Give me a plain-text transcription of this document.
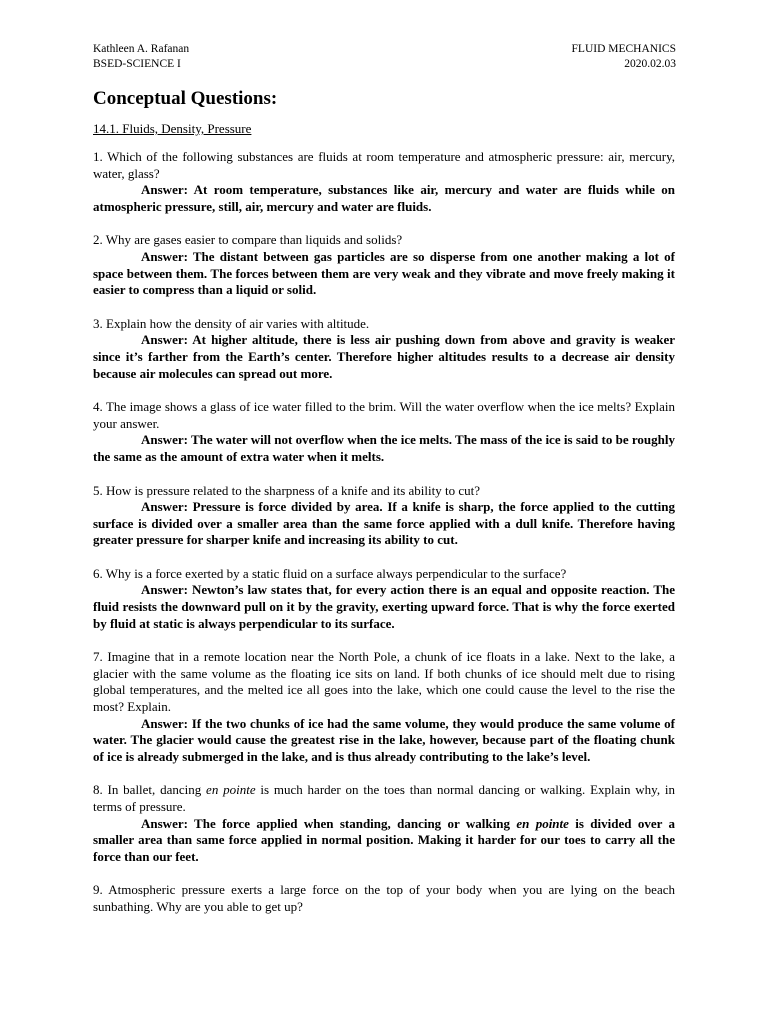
Kathleen A. Rafanan
BSED-SCIENCE I
FLUID MECHANICS
2020.02.03
Conceptual Questions:

14.1. Fluids, Density, Pressure

1. Which of the following substances are fluids at room temperature and atmospheric pressure: air, mercury, water, glass?

Answer: At room temperature, substances like air, mercury and water are fluids while on atmospheric pressure, still, air, mercury and water are fluids.

2. Why are gases easier to compare than liquids and solids?

Answer: The distant between gas particles are so disperse from one another making a lot of space between them. The forces between them are very weak and they vibrate and move freely making it easier to compress than a liquid or solid.

3. Explain how the density of air varies with altitude.

Answer: At higher altitude, there is less air pushing down from above and gravity is weaker since it’s farther from the Earth’s center. Therefore higher altitudes results to a decrease air density because air molecules can spread out more.

4. The image shows a glass of ice water filled to the brim. Will the water overflow when the ice melts? Explain your answer.

Answer: The water will not overflow when the ice melts. The mass of the ice is said to be roughly the same as the amount of extra water when it melts.

5. How is pressure related to the sharpness of a knife and its ability to cut?

Answer: Pressure is force divided by area. If a knife is sharp, the force applied to the cutting surface is divided over a smaller area than the same force applied with a dull knife. Therefore having greater pressure for sharper knife and increasing its ability to cut.

6. Why is a force exerted by a static fluid on a surface always perpendicular to the surface?

Answer: Newton’s law states that, for every action there is an equal and opposite reaction. The fluid resists the downward pull on it by the gravity, exerting upward force. That is why the force exerted by fluid at static is always perpendicular to its surface.

7. Imagine that in a remote location near the North Pole, a chunk of ice floats in a lake. Next to the lake, a glacier with the same volume as the floating ice sits on land. If both chunks of ice should melt due to rising global temperatures, and the melted ice all goes into the lake, which one could cause the level to the rise the most? Explain.

Answer: If the two chunks of ice had the same volume, they would produce the same volume of water. The glacier would cause the greatest rise in the lake, however, because part of the floating chunk of ice is already submerged in the lake, and is thus already contributing to the lake’s level.

8. In ballet, dancing en pointe is much harder on the toes than normal dancing or walking. Explain why, in terms of pressure.

Answer: The force applied when standing, dancing or walking en pointe is divided over a smaller area than same force applied in normal position. Making it harder for our toes to carry all the force than our feet.

9. Atmospheric pressure exerts a large force on the top of your body when you are lying on the beach sunbathing. Why are you able to get up?
